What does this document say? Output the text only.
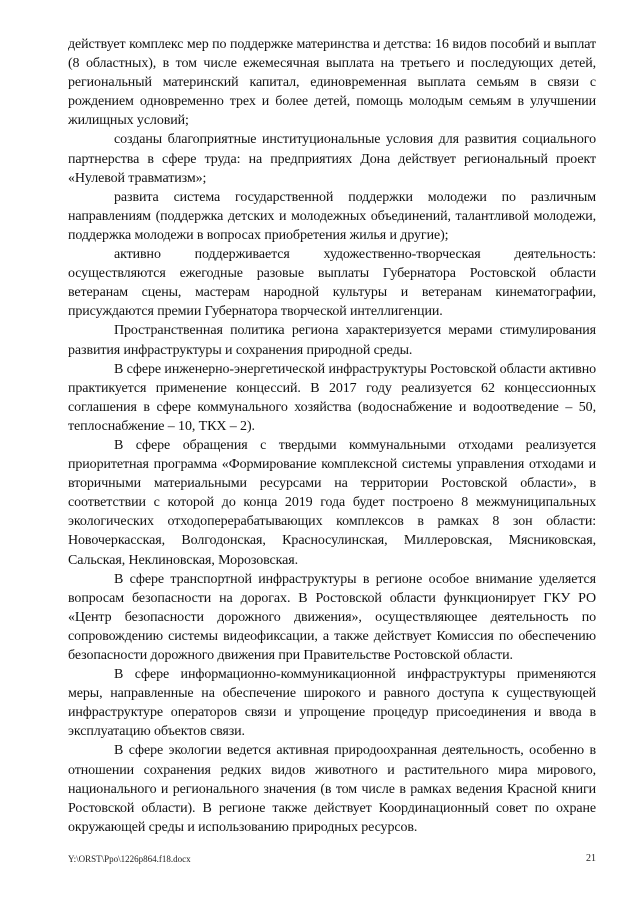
действует комплекс мер по поддержке материнства и детства: 16 видов пособий и выплат (8 областных), в том числе ежемесячная выплата на третьего и последующих детей, региональный материнский капитал, единовременная выплата семьям в связи с рождением одновременно трех и более детей, помощь молодым семьям в улучшении жилищных условий;

созданы благоприятные институциональные условия для развития социального партнерства в сфере труда: на предприятиях Дона действует региональный проект «Нулевой травматизм»;

развита система государственной поддержки молодежи по различным направлениям (поддержка детских и молодежных объединений, талантливой молодежи, поддержка молодежи в вопросах приобретения жилья и другие);

активно поддерживается художественно-творческая деятельность: осуществляются ежегодные разовые выплаты Губернатора Ростовской области ветеранам сцены, мастерам народной культуры и ветеранам кинематографии, присуждаются премии Губернатора творческой интеллигенции.

Пространственная политика региона характеризуется мерами стимулирования развития инфраструктуры и сохранения природной среды.

В сфере инженерно-энергетической инфраструктуры Ростовской области активно практикуется применение концессий. В 2017 году реализуется 62 концессионных соглашения в сфере коммунального хозяйства (водоснабжение и водоотведение – 50, теплоснабжение – 10, ТКХ – 2).

В сфере обращения с твердыми коммунальными отходами реализуется приоритетная программа «Формирование комплексной системы управления отходами и вторичными материальными ресурсами на территории Ростовской области», в соответствии с которой до конца 2019 года будет построено 8 межмуниципальных экологических отходоперерабатывающих комплексов в рамках 8 зон области: Новочеркасская, Волгодонская, Красносулинская, Миллеровская, Мясниковская, Сальская, Неклиновская, Морозовская.

В сфере транспортной инфраструктуры в регионе особое внимание уделяется вопросам безопасности на дорогах. В Ростовской области функционирует ГКУ РО «Центр безопасности дорожного движения», осуществляющее деятельность по сопровождению системы видеофиксации, а также действует Комиссия по обеспечению безопасности дорожного движения при Правительстве Ростовской области.

В сфере информационно-коммуникационной инфраструктуры применяются меры, направленные на обеспечение широкого и равного доступа к существующей инфраструктуре операторов связи и упрощение процедур присоединения и ввода в эксплуатацию объектов связи.

В сфере экологии ведется активная природоохранная деятельность, особенно в отношении сохранения редких видов животного и растительного мира мирового, национального и регионального значения (в том числе в рамках ведения Красной книги Ростовской области). В регионе также действует Координационный совет по охране окружающей среды и использованию природных ресурсов.

Y:\ORST\Ppo\1226p864.f18.docx	21
